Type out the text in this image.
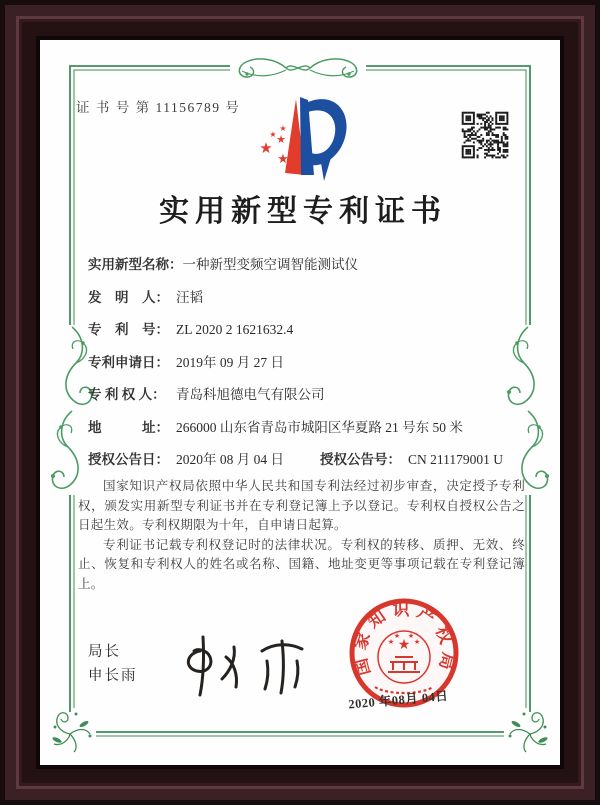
证 书 号 第 11156789 号
★
★ ★
★
★
实用新型专利证书
实用新型名称：一种新型变频空调智能测试仪
发　明　人： 汪韬
专　利　号： ZL 2020 2 1621632.4
专利申请日： 2019年 09 月 27 日
专 利 权 人： 青岛科旭德电气有限公司
地　　　址： 266000 山东省青岛市城阳区华夏路 21 号东 50 米
授权公告日： 2020年 08 月 04 日	授权公告号： CN 211179001 U

国家知识产权局依照中华人民共和国专利法经过初步审查，决定授予专利权，颁发实用新型专利证书并在专利登记簿上予以登记。专利权自授权公告之日起生效。专利权期限为十年，自申请日起算。

专利证书记载专利权登记时的法律状况。专利权的转移、质押、无效、终止、恢复和专利权人的姓名或名称、国籍、地址变更等事项记载在专利登记簿上。

局长
申长雨	国家知识产权局
★
★
★ ★
★
2020 年08月 04日
